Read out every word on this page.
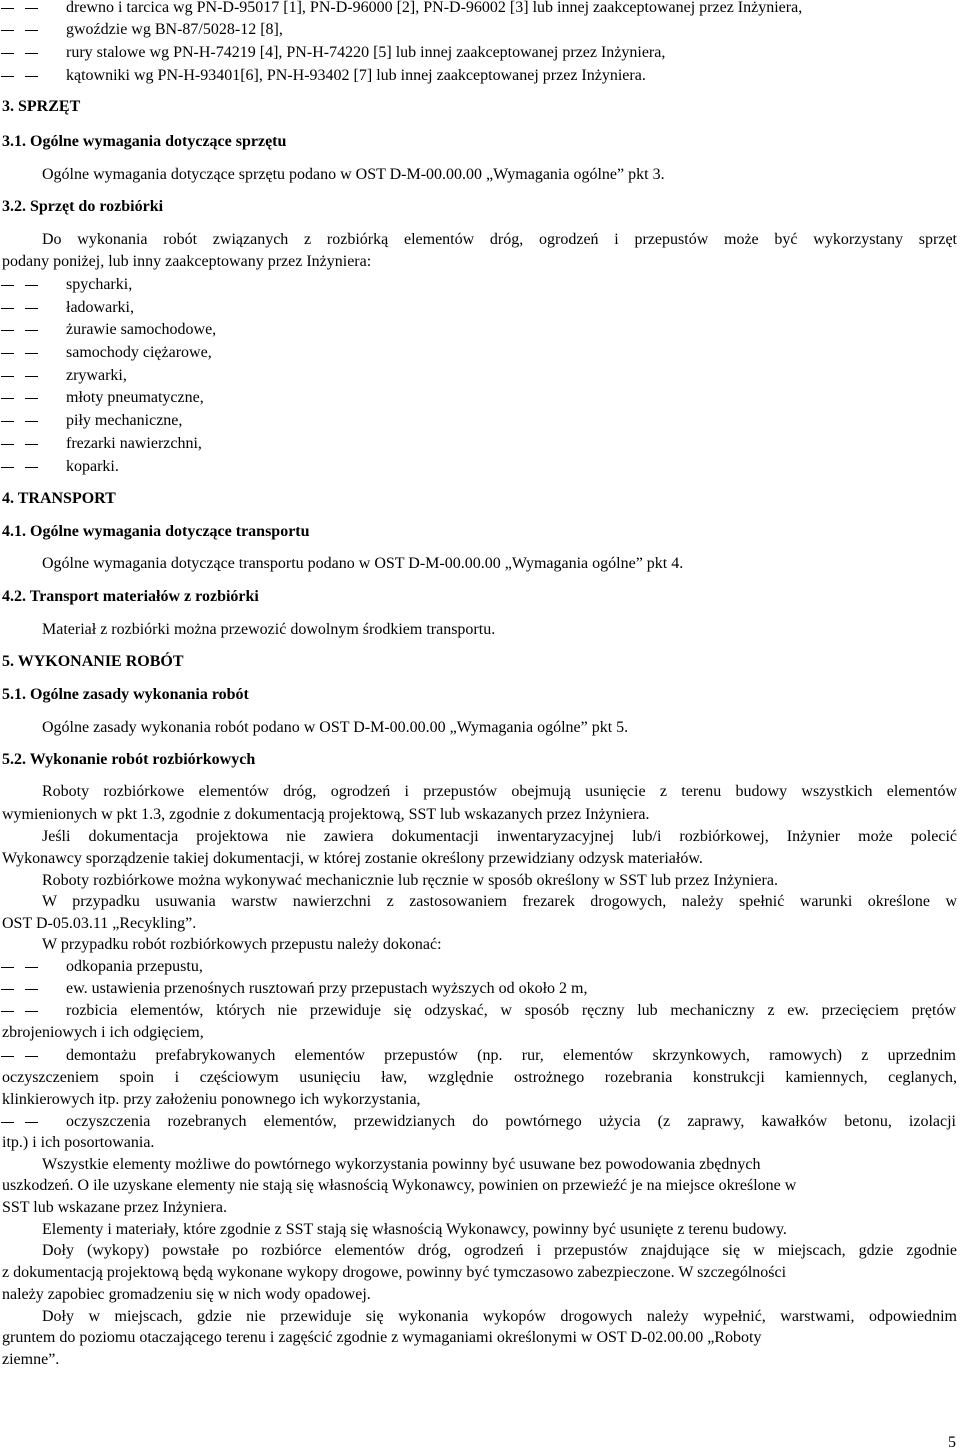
drewno i tarcica wg PN-D-95017 [1], PN-D-96000 [2], PN-D-96002 [3] lub innej zaakceptowanej przez Inżyniera,
gwoździe wg BN-87/5028-12 [8],
rury stalowe wg PN-H-74219 [4], PN-H-74220 [5] lub innej zaakceptowanej przez Inżyniera,
kątowniki wg PN-H-93401[6], PN-H-93402 [7] lub innej zaakceptowanej przez Inżyniera.
3. SPRZĘT
3.1. Ogólne wymagania dotyczące sprzętu
Ogólne wymagania dotyczące sprzętu podano w OST D-M-00.00.00 „Wymagania ogólne” pkt 3.
3.2. Sprzęt do rozbiórki
Do wykonania robót związanych z rozbiórką elementów dróg, ogrodzeń i przepustów może być wykorzystany sprzęt
podany poniżej, lub inny zaakceptowany przez Inżyniera:
spycharki,
ładowarki,
żurawie samochodowe,
samochody ciężarowe,
zrywarki,
młoty pneumatyczne,
piły mechaniczne,
frezarki nawierzchni,
koparki.
4. TRANSPORT
4.1. Ogólne wymagania dotyczące transportu
Ogólne wymagania dotyczące transportu podano w OST D-M-00.00.00 „Wymagania ogólne” pkt 4.
4.2. Transport materiałów z rozbiórki
Materiał z rozbiórki można przewozić dowolnym środkiem transportu.
5. WYKONANIE ROBÓT
5.1. Ogólne zasady wykonania robót
Ogólne zasady wykonania robót podano w OST D-M-00.00.00 „Wymagania ogólne” pkt 5.
5.2. Wykonanie robót rozbiórkowych
Roboty rozbiórkowe elementów dróg, ogrodzeń i przepustów obejmują usunięcie z terenu budowy wszystkich elementów
wymienionych w pkt 1.3, zgodnie z dokumentacją projektową, SST lub wskazanych przez Inżyniera.
Jeśli dokumentacja projektowa nie zawiera dokumentacji inwentaryzacyjnej lub/i rozbiórkowej, Inżynier może polecić
Wykonawcy sporządzenie takiej dokumentacji, w której zostanie określony przewidziany odzysk materiałów.
Roboty rozbiórkowe można wykonywać mechanicznie lub ręcznie w sposób określony w SST lub przez Inżyniera.
W przypadku usuwania warstw nawierzchni z zastosowaniem frezarek drogowych, należy spełnić warunki określone w
OST D-05.03.11 „Recykling”.
W przypadku robót rozbiórkowych przepustu należy dokonać:
odkopania przepustu,
ew. ustawienia przenośnych rusztowań przy przepustach wyższych od około 2 m,
rozbicia elementów, których nie przewiduje się odzyskać, w sposób ręczny lub mechaniczny z ew. przecięciem prętów
zbrojeniowych i ich odgięciem,
demontażu prefabrykowanych elementów przepustów (np. rur, elementów skrzynkowych, ramowych) z uprzednim
oczyszczeniem spoin i częściowym usunięciu ław, względnie ostrożnego rozebrania konstrukcji kamiennych, ceglanych,
klinkierowych itp. przy założeniu ponownego ich wykorzystania,
oczyszczenia rozebranych elementów, przewidzianych do powtórnego użycia (z zaprawy, kawałków betonu, izolacji
itp.) i ich posortowania.
Wszystkie elementy możliwe do powtórnego wykorzystania powinny być usuwane bez powodowania zbędnych
uszkodzeń. O ile uzyskane elementy nie stają się własnością Wykonawcy, powinien on przewieźć je na miejsce określone w
SST lub wskazane przez Inżyniera.
Elementy i materiały, które zgodnie z SST stają się własnością Wykonawcy, powinny być usunięte z terenu budowy.
Doły (wykopy) powstałe po rozbiórce elementów dróg, ogrodzeń i przepustów znajdujące się w miejscach, gdzie zgodnie
z dokumentacją projektową będą wykonane wykopy drogowe, powinny być tymczasowo zabezpieczone. W szczególności
należy zapobiec gromadzeniu się w nich wody opadowej.
Doły w miejscach, gdzie nie przewiduje się wykonania wykopów drogowych należy wypełnić, warstwami, odpowiednim
gruntem do poziomu otaczającego terenu i zagęścić zgodnie z wymaganiami określonymi w OST D-02.00.00 „Roboty
ziemne”.
5
